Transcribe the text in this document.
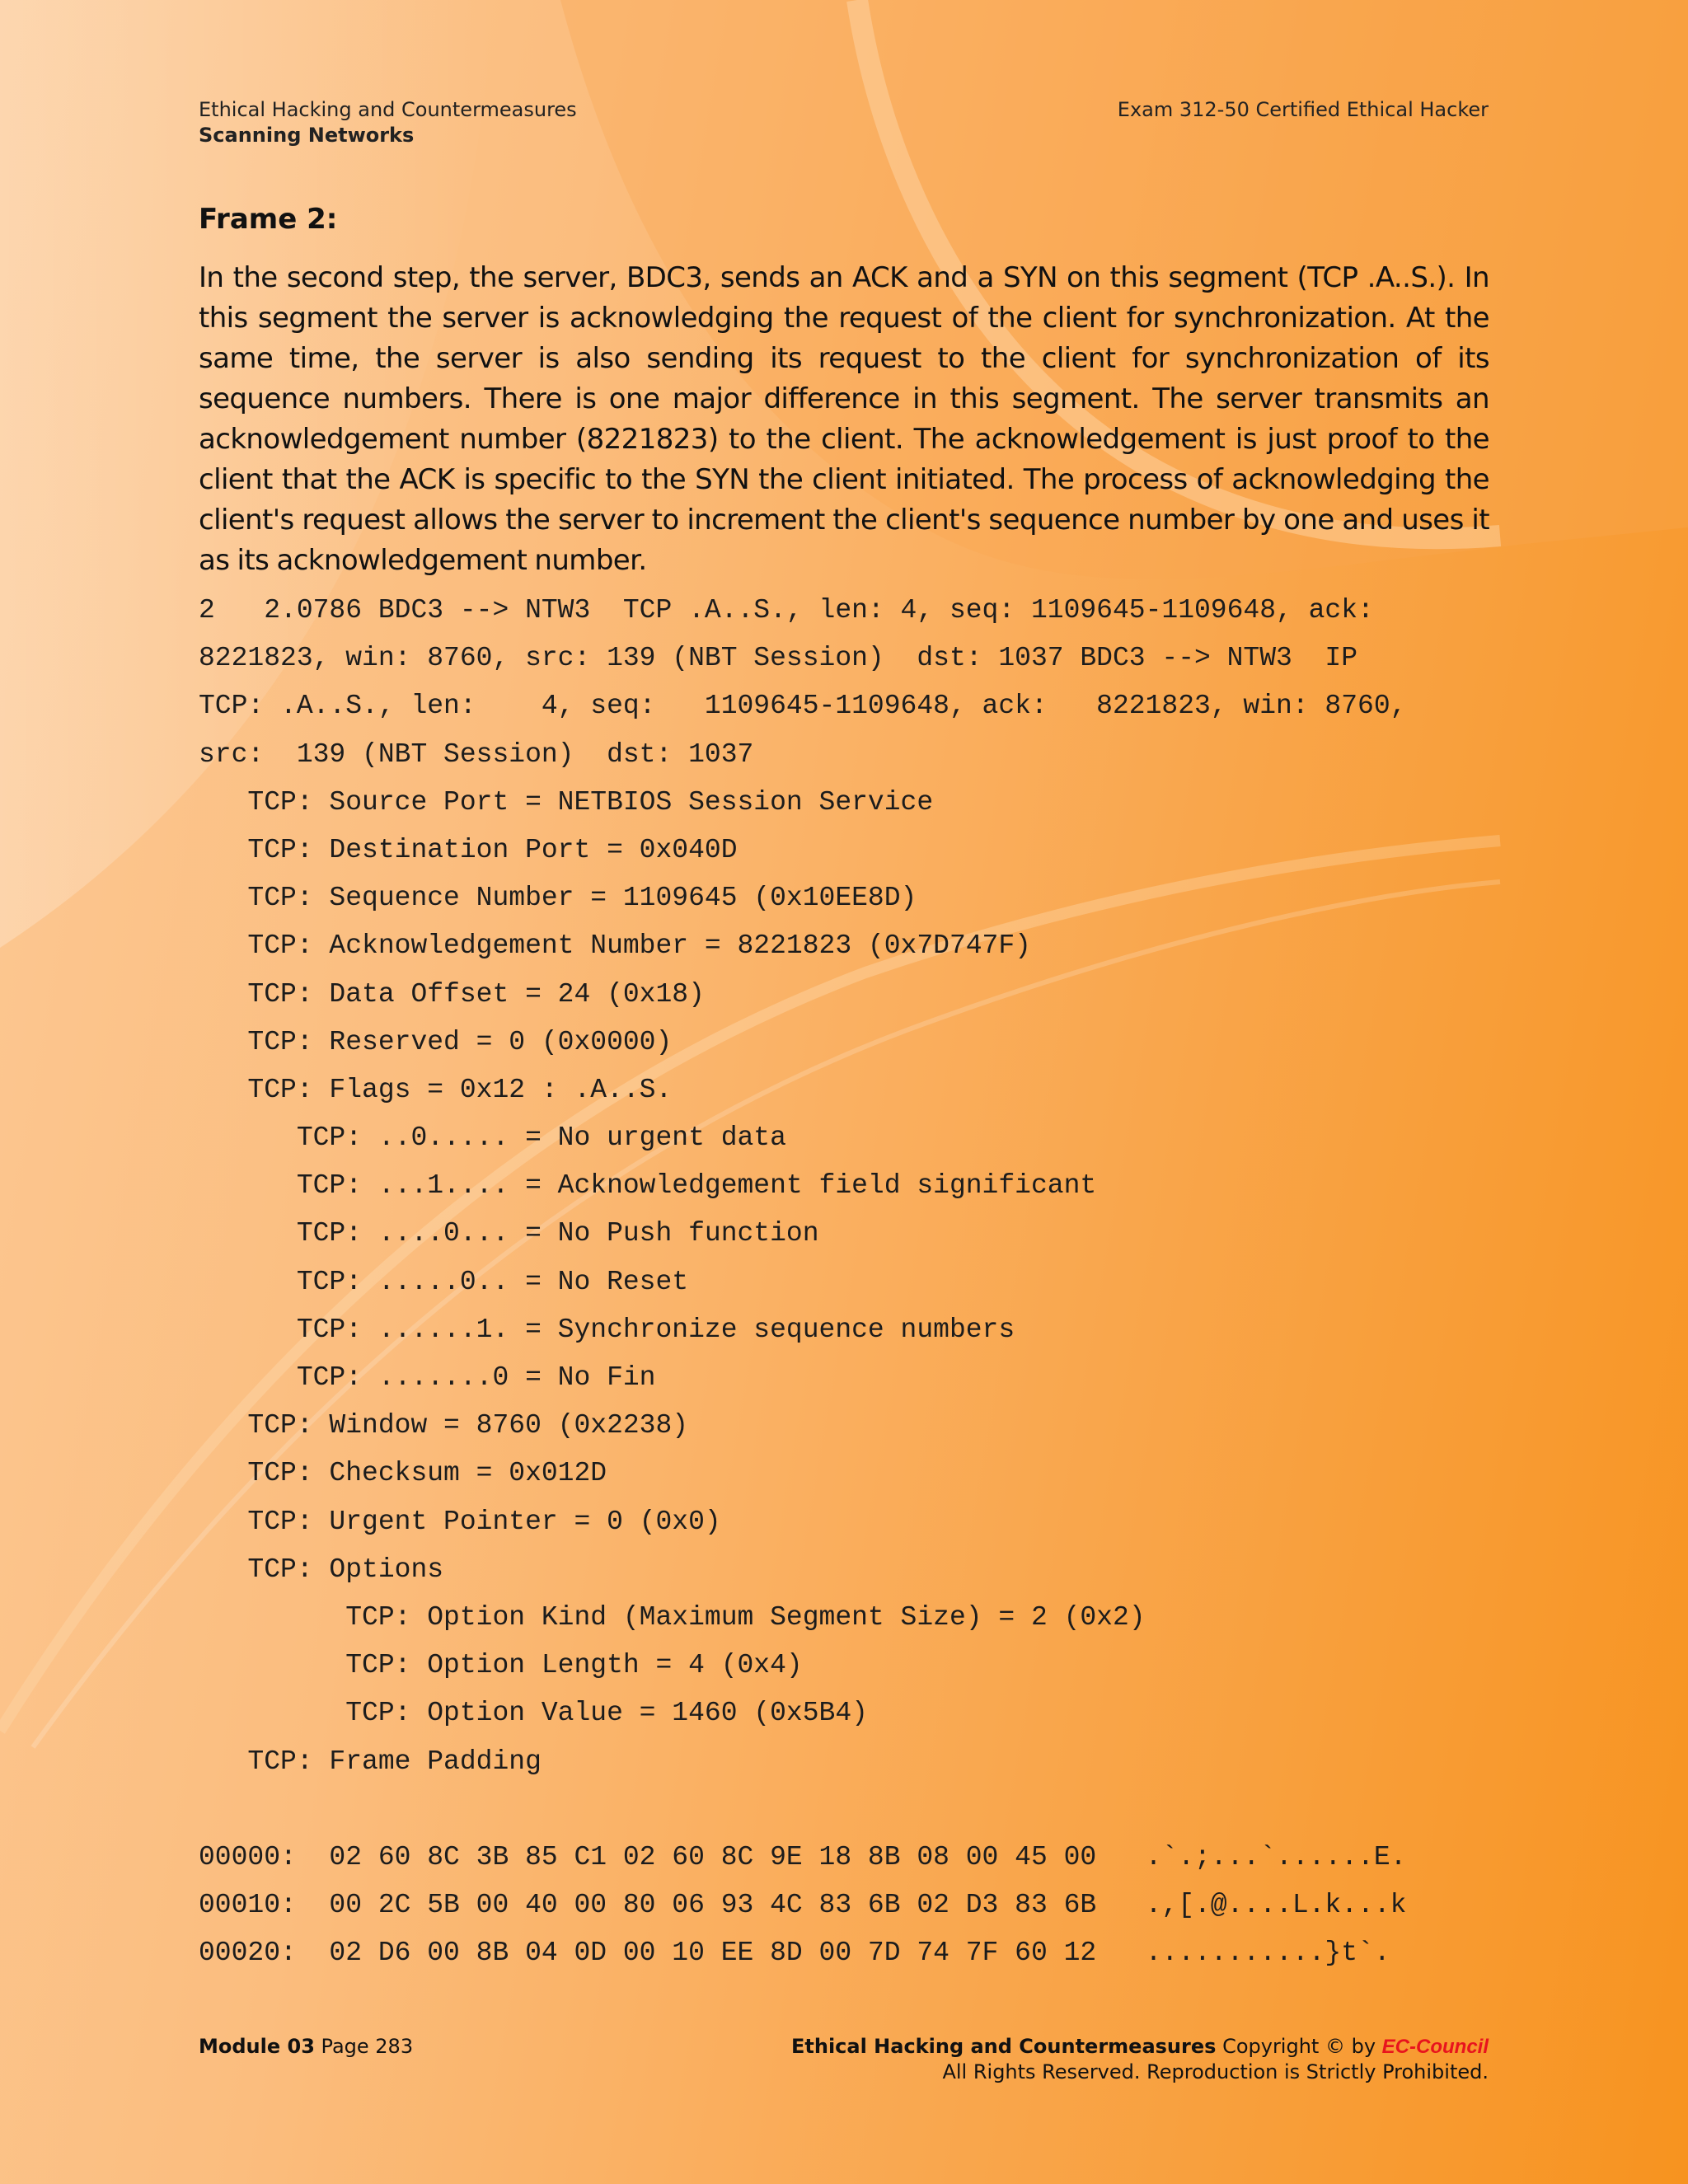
Ethical Hacking and Countermeasures
Scanning Networks
Exam 312-50 Certified Ethical Hacker
Frame 2:

In the second step, the server, BDC3, sends an ACK and a SYN on this segment (TCP .A..S.). In this segment the server is acknowledging the request of the client for synchronization. At the same time, the server is also sending its request to the client for synchronization of its sequence numbers. There is one major difference in this segment. The server transmits an acknowledgement number (8221823) to the client. The acknowledgement is just proof to the client that the ACK is specific to the SYN the client initiated. The process of acknowledging the client's request allows the server to increment the client's sequence number by one and uses it as its acknowledgement number.

2   2.0786 BDC3 --> NTW3  TCP .A..S., len: 4, seq: 1109645-1109648, ack:
8221823, win: 8760, src: 139 (NBT Session)  dst: 1037 BDC3 --> NTW3  IP
TCP: .A..S., len:    4, seq:   1109645-1109648, ack:   8221823, win: 8760,
src:  139 (NBT Session)  dst: 1037
TCP: Source Port = NETBIOS Session Service
TCP: Destination Port = 0x040D
TCP: Sequence Number = 1109645 (0x10EE8D)
TCP: Acknowledgement Number = 8221823 (0x7D747F)
TCP: Data Offset = 24 (0x18)
TCP: Reserved = 0 (0x0000)
TCP: Flags = 0x12 : .A..S.
TCP: ..0..... = No urgent data
TCP: ...1.... = Acknowledgement field significant
TCP: ....0... = No Push function
TCP: .....0.. = No Reset
TCP: ......1. = Synchronize sequence numbers
TCP: .......0 = No Fin
TCP: Window = 8760 (0x2238)
TCP: Checksum = 0x012D
TCP: Urgent Pointer = 0 (0x0)
TCP: Options
TCP: Option Kind (Maximum Segment Size) = 2 (0x2)
TCP: Option Length = 4 (0x4)
TCP: Option Value = 1460 (0x5B4)
TCP: Frame Padding
00000:  02 60 8C 3B 85 C1 02 60 8C 9E 18 8B 08 00 45 00   .`.;...`......E.
00010:  00 2C 5B 00 40 00 80 06 93 4C 83 6B 02 D3 83 6B   .,[.@....L.k...k
00020:  02 D6 00 8B 04 0D 00 10 EE 8D 00 7D 74 7F 60 12   ...........}t`.
Module 03 Page 283	Ethical Hacking and Countermeasures Copyright © by EC-Council
All Rights Reserved. Reproduction is Strictly Prohibited.
